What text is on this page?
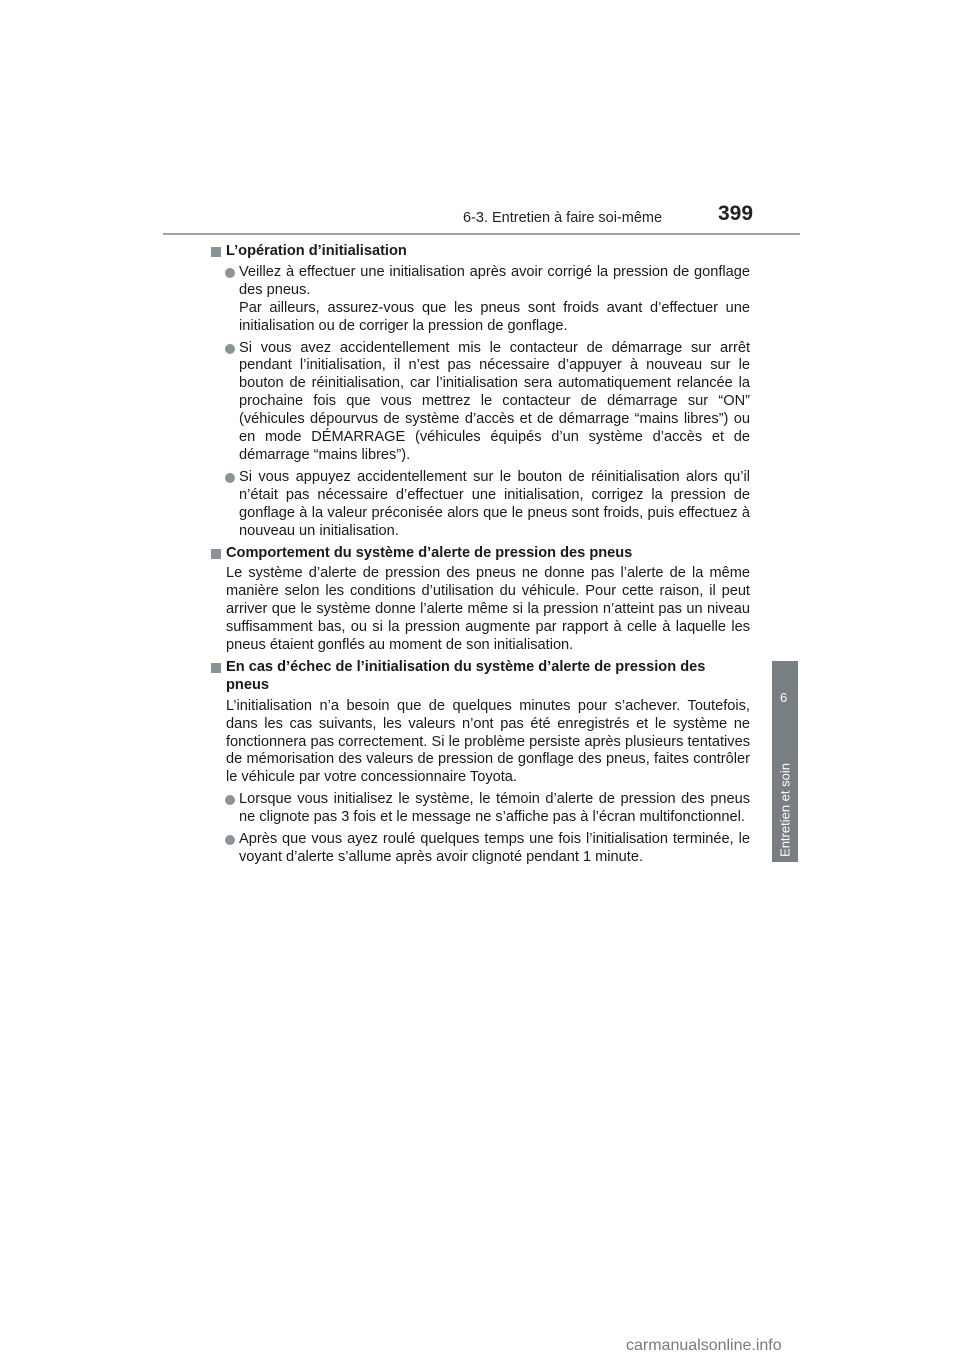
6-3. Entretien à faire soi-même	399
6
Entretien et soin
L’opération d’initialisation
Veillez à effectuer une initialisation après avoir corrigé la pression de gonflage des pneus.
Par ailleurs, assurez-vous que les pneus sont froids avant d’effectuer une initialisation ou de corriger la pression de gonflage.
Si vous avez accidentellement mis le contacteur de démarrage sur arrêt pendant l’initialisation, il n’est pas nécessaire d’appuyer à nouveau sur le bouton de réinitialisation, car l’initialisation sera automatiquement relancée la prochaine fois que vous mettrez le contacteur de démarrage sur “ON” (véhicules dépourvus de système d’accès et de démarrage “mains libres”) ou en mode DÉMARRAGE (véhicules équipés d’un système d’accès et de démarrage “mains libres”).
Si vous appuyez accidentellement sur le bouton de réinitialisation alors qu’il n’était pas nécessaire d’effectuer une initialisation, corrigez la pression de gonflage à la valeur préconisée alors que le pneus sont froids, puis effectuez à nouveau un initialisation.
Comportement du système d’alerte de pression des pneus
Le système d’alerte de pression des pneus ne donne pas l’alerte de la même manière selon les conditions d’utilisation du véhicule. Pour cette raison, il peut arriver que le système donne l’alerte même si la pression n’atteint pas un niveau suffisamment bas, ou si la pression augmente par rapport à celle à laquelle les pneus étaient gonflés au moment de son initialisation.
En cas d’échec de l’initialisation du système d’alerte de pression des pneus
L’initialisation n’a besoin que de quelques minutes pour s’achever. Toutefois, dans les cas suivants, les valeurs n’ont pas été enregistrés et le système ne fonctionnera pas correctement. Si le problème persiste après plusieurs tentatives de mémorisation des valeurs de pression de gonflage des pneus, faites contrôler le véhicule par votre concessionnaire Toyota.
Lorsque vous initialisez le système, le témoin d’alerte de pression des pneus ne clignote pas 3 fois et le message ne s’affiche pas à l’écran multifonctionnel.
Après que vous ayez roulé quelques temps une fois l’initialisation terminée, le voyant d’alerte s’allume après avoir clignoté pendant 1 minute.
carmanualsonline.info
